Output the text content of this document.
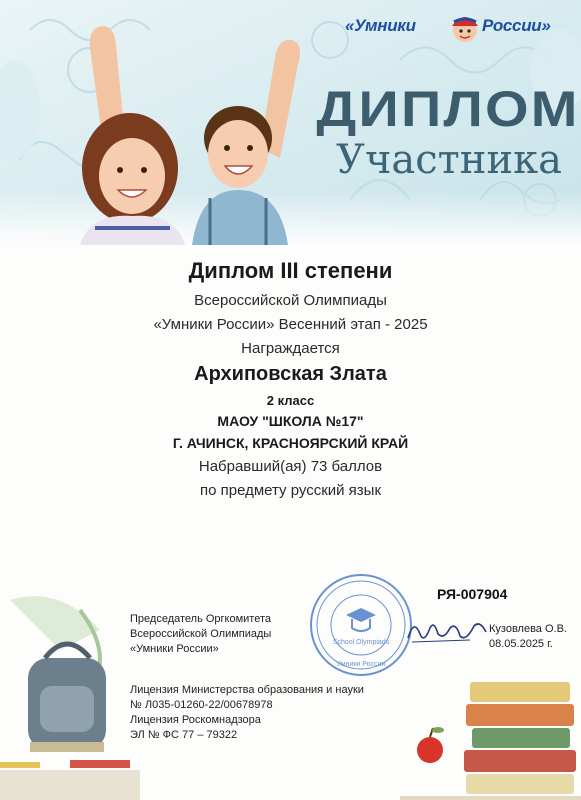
«Умники	России»
ДИПЛОМ
Участника
Диплом III степени
Всероссийской Олимпиады
«Умники России» Весенний этап - 2025
Награждается
Архиповская Злата
2 класс
МАОУ "ШКОЛА №17"
Г. АЧИНСК, КРАСНОЯРСКИЙ КРАЙ
Набравший(ая) 73 баллов
по предмету русский язык
РЯ-007904
Председатель Оргкомитета
Всероссийской Олимпиады
«Умники России»
School Olympiads
Умники России
Кузовлева О.В.
08.05.2025 г.
Лицензия Министерства образования и науки
№ Л035-01260-22/00678978
Лицензия Роскомнадзора
ЭЛ № ФС 77 – 79322
